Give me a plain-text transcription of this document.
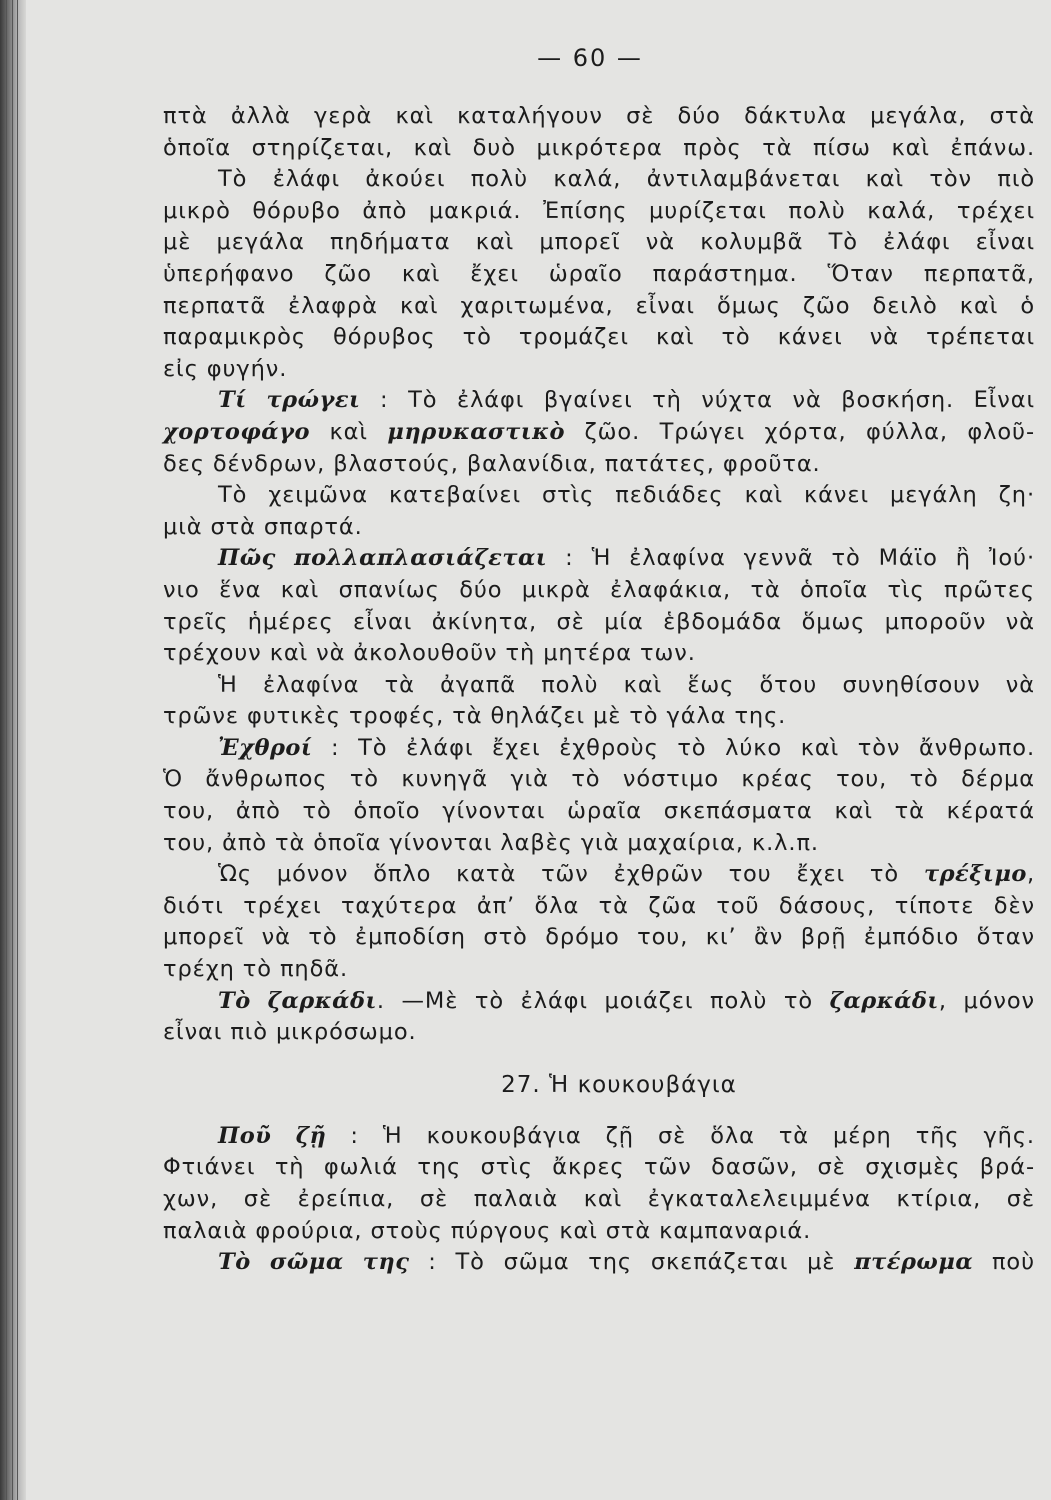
— 60 —
πτὰ ἀλλὰ γερὰ καὶ καταλήγουν σὲ δύο δάκτυλα μεγάλα, στὰ
ὁποῖα στηρίζεται, καὶ δυὸ μικρότερα πρὸς τὰ πίσω καὶ ἐπάνω.
Τὸ ἐλάφι ἀκούει πολὺ καλά, ἀντιλαμβάνεται καὶ τὸν πιὸ
μικρὸ θόρυβο ἀπὸ μακριά. Ἐπίσης μυρίζεται πολὺ καλά, τρέχει
μὲ μεγάλα πηδήματα καὶ μπορεῖ νὰ κολυμβᾶ Τὸ ἐλάφι εἶναι
ὑπερήφανο ζῶο καὶ ἔχει ὡραῖο παράστημα. Ὅταν περπατᾶ,
περπατᾶ ἐλαφρὰ καὶ χαριτωμένα, εἶναι ὅμως ζῶο δειλὸ καὶ ὁ
παραμικρὸς θόρυβος τὸ τρομάζει καὶ τὸ κάνει νὰ τρέπεται
εἰς φυγήν.
Τί τρώγει : Τὸ ἐλάφι βγαίνει τὴ νύχτα νὰ βοσκήση. Εἶναι
χορτοφάγο καὶ μηρυκαστικὸ ζῶο. Τρώγει χόρτα, φύλλα, φλοῦ-
δες δένδρων, βλαστούς, βαλανίδια, πατάτες, φροῦτα.
Τὸ χειμῶνα κατεβαίνει στὶς πεδιάδες καὶ κάνει μεγάλη ζη·
μιὰ στὰ σπαρτά.
Πῶς πολλαπλασιάζεται : Ἡ ἐλαφίνα γεννᾶ τὸ Μάϊο ἢ Ἰού·
νιο ἕνα καὶ σπανίως δύο μικρὰ ἐλαφάκια, τὰ ὁποῖα τὶς πρῶτες
τρεῖς ἡμέρες εἶναι ἀκίνητα, σὲ μία ἑβδομάδα ὅμως μποροῦν νὰ
τρέχουν καὶ νὰ ἀκολουθοῦν τὴ μητέρα των.
Ἡ ἐλαφίνα τὰ ἀγαπᾶ πολὺ καὶ ἕως ὅτου συνηθίσουν νὰ
τρῶνε φυτικὲς τροφές, τὰ θηλάζει μὲ τὸ γάλα της.
Ἐχθροί : Τὸ ἐλάφι ἔχει ἐχθροὺς τὸ λύκο καὶ τὸν ἄνθρωπο.
Ὁ ἄνθρωπος τὸ κυνηγᾶ γιὰ τὸ νόστιμο κρέας του, τὸ δέρμα
του, ἀπὸ τὸ ὁποῖο γίνονται ὡραῖα σκεπάσματα καὶ τὰ κέρατά
του, ἀπὸ τὰ ὁποῖα γίνονται λαβὲς γιὰ μαχαίρια, κ.λ.π.
Ὡς μόνον ὅπλο κατὰ τῶν ἐχθρῶν του ἔχει τὸ τρέξιμο,
διότι τρέχει ταχύτερα ἀπ’ ὅλα τὰ ζῶα τοῦ δάσους, τίποτε δὲν
μπορεῖ νὰ τὸ ἐμποδίση στὸ δρόμο του, κι’ ἂν βρῇ ἐμπόδιο ὅταν
τρέχη τὸ πηδᾶ.
Τὸ ζαρκάδι. —Μὲ τὸ ἐλάφι μοιάζει πολὺ τὸ ζαρκάδι, μόνον
εἶναι πιὸ μικρόσωμο.
27. Ἡ κουκουβάγια
Ποῦ ζῇ : Ἡ κουκουβάγια ζῇ σὲ ὅλα τὰ μέρη τῆς γῆς.
Φτιάνει τὴ φωλιά της στὶς ἄκρες τῶν δασῶν, σὲ σχισμὲς βρά-
χων, σὲ ἐρείπια, σὲ παλαιὰ καὶ ἐγκαταλελειμμένα κτίρια, σὲ
παλαιὰ φρούρια, στοὺς πύργους καὶ στὰ καμπαναριά.
Τὸ σῶμα της : Τὸ σῶμα της σκεπάζεται μὲ πτέρωμα ποὺ
